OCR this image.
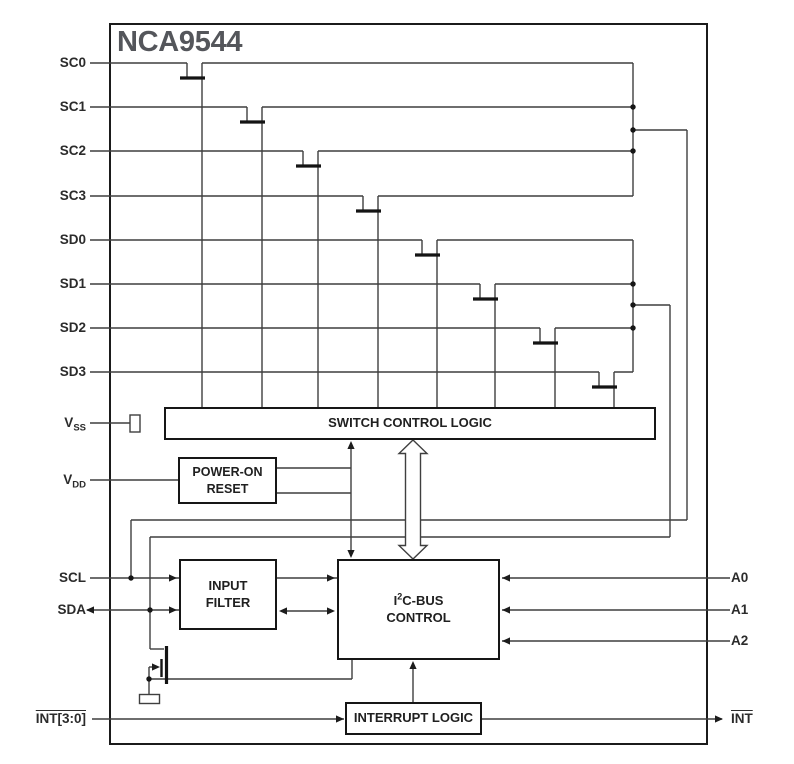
NCA9544
SWITCH CONTROL LOGIC
POWER-ON
RESET
INPUT
FILTER	$I^2C$-BUS
CONTROL
INTERRUPT LOGIC
SC0
SC1
SC2
SC3
SD0
SD1
SD2
SD3
$V_{SS}$
$V_{DD}$
SCL
SDA
INT[3:0]
A0
A1
A2
$\overline{INT}$
